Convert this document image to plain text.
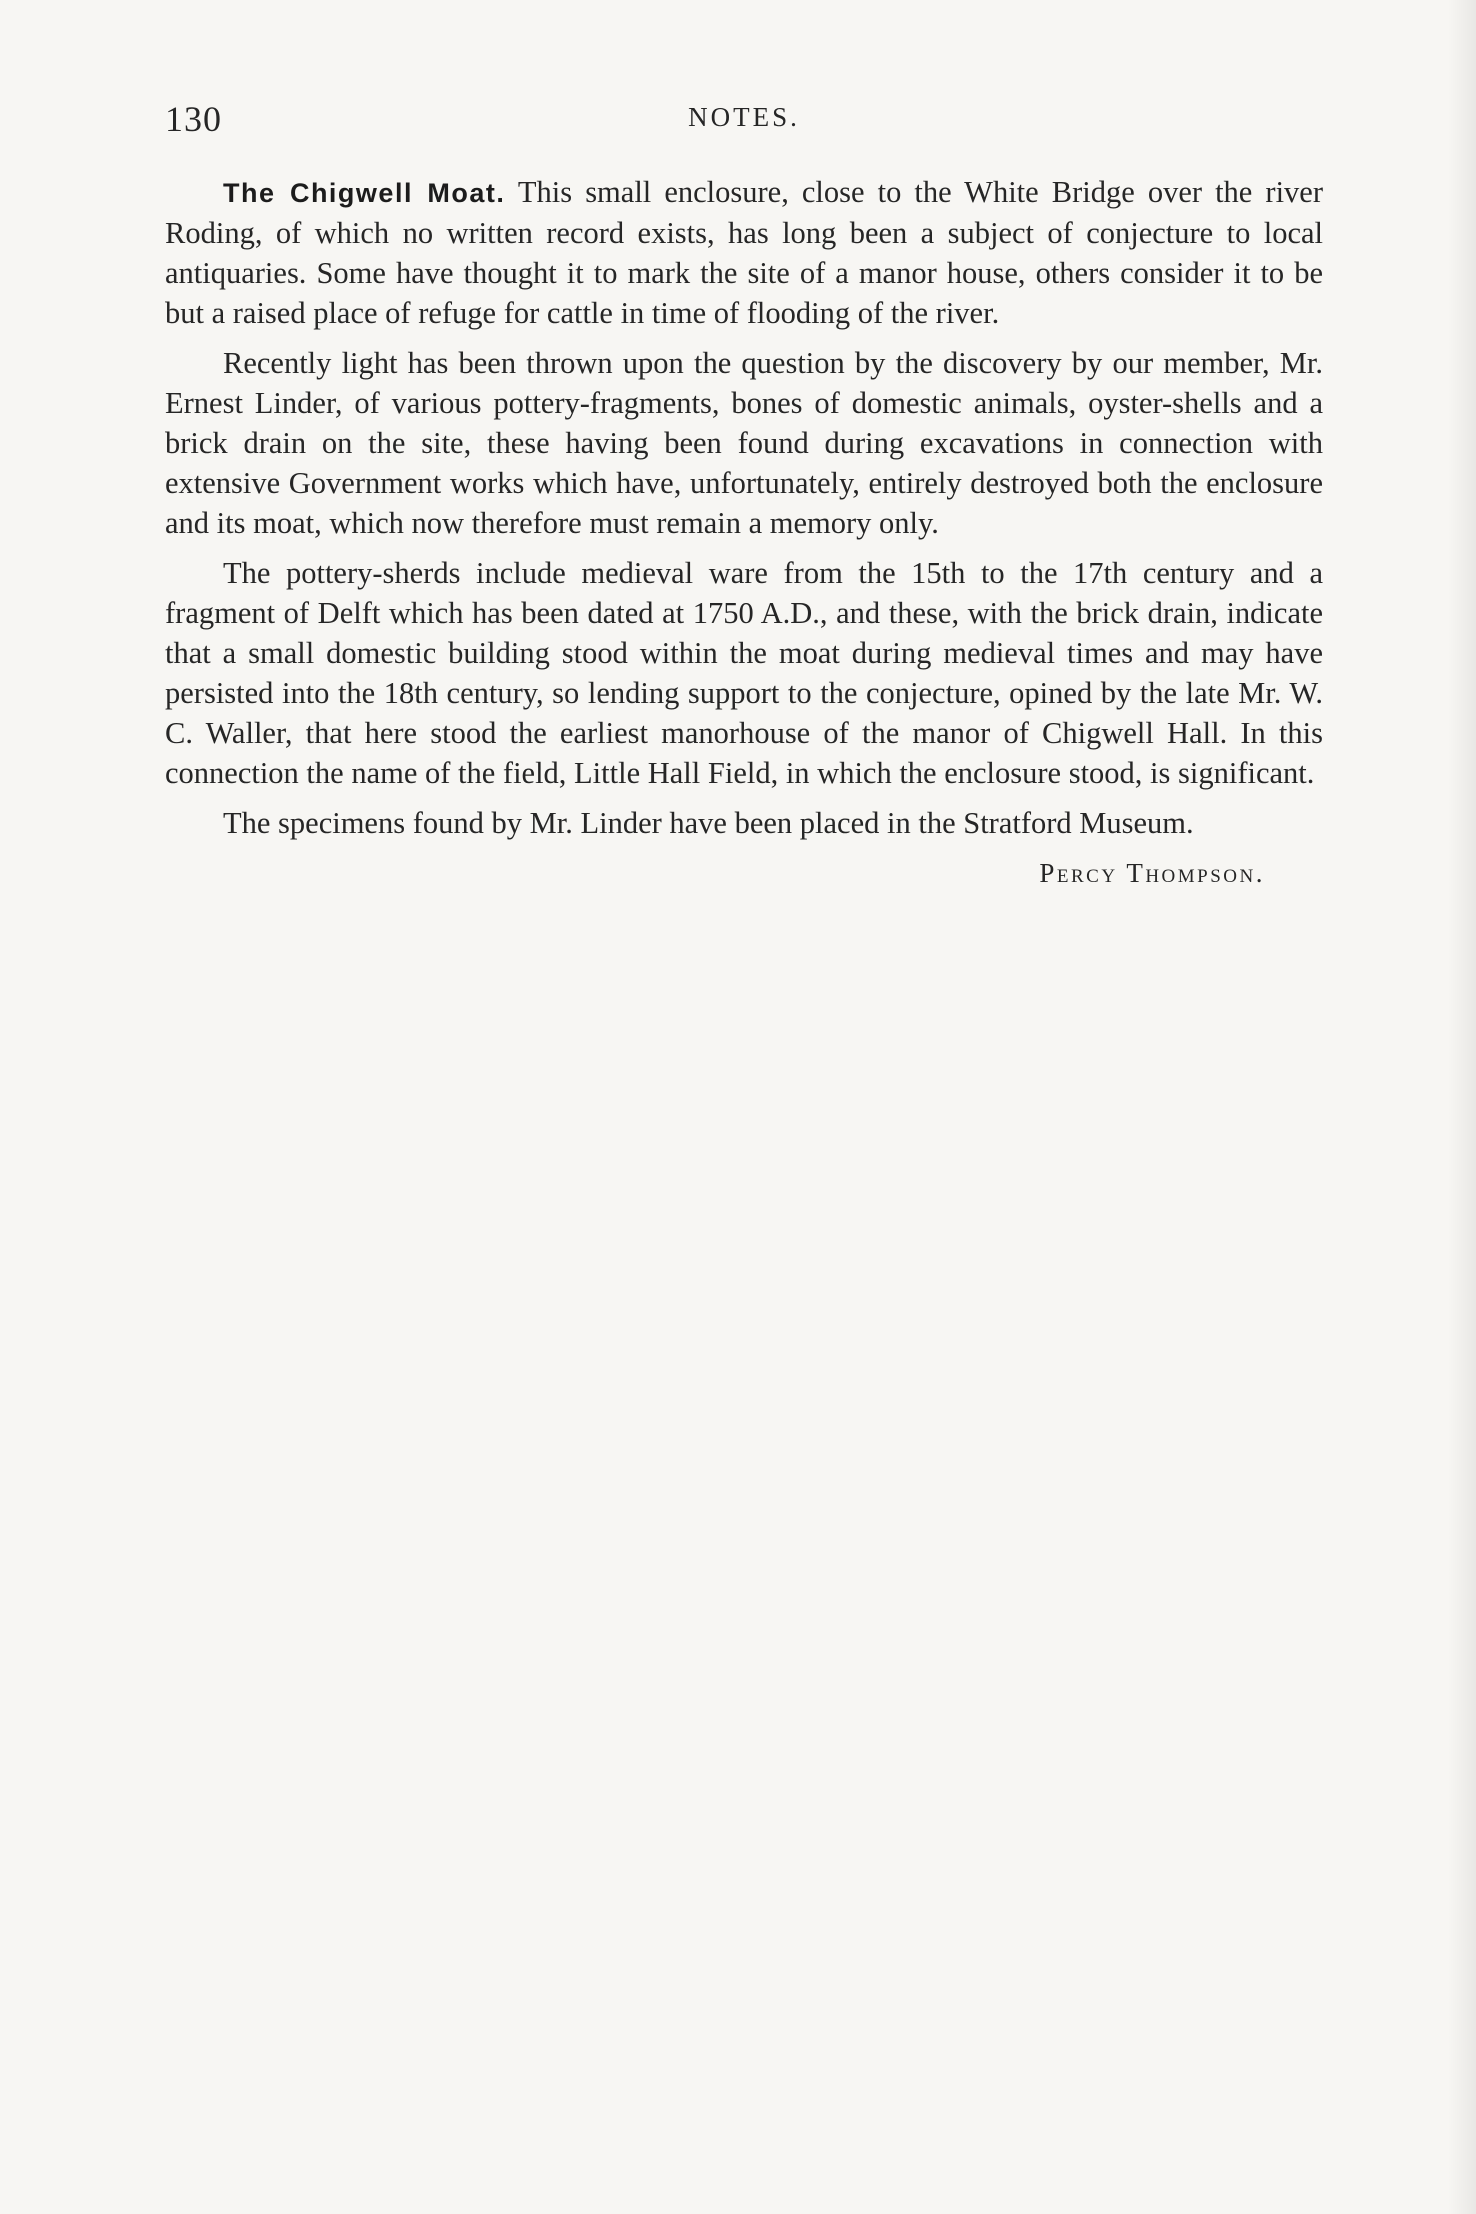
130	NOTES.

The Chigwell Moat. This small enclosure, close to the White Bridge over the river Roding, of which no written record exists, has long been a subject of conjecture to local antiquaries. Some have thought it to mark the site of a manor house, others consider it to be but a raised place of refuge for cattle in time of flooding of the river.

Recently light has been thrown upon the question by the discovery by our member, Mr. Ernest Linder, of various pottery-fragments, bones of domestic animals, oyster-shells and a brick drain on the site, these having been found during excavations in connection with extensive Government works which have, unfortunately, entirely destroyed both the enclosure and its moat, which now therefore must remain a memory only.

The pottery-sherds include medieval ware from the 15th to the 17th century and a fragment of Delft which has been dated at 1750 A.D., and these, with the brick drain, indicate that a small domestic building stood within the moat during medieval times and may have persisted into the 18th century, so lending support to the conjecture, opined by the late Mr. W. C. Waller, that here stood the earliest manorhouse of the manor of Chigwell Hall. In this connection the name of the field, Little Hall Field, in which the enclosure stood, is significant.

The specimens found by Mr. Linder have been placed in the Stratford Museum.

Percy Thompson.
